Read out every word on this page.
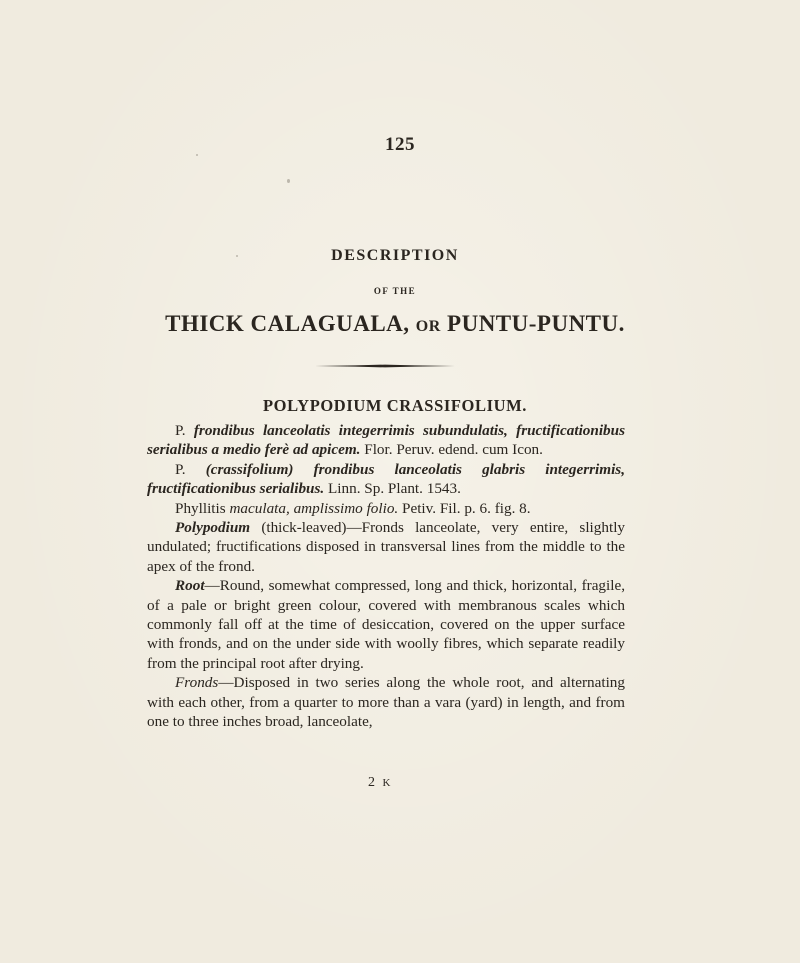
125
DESCRIPTION
OF THE
THICK CALAGUALA, OR PUNTU-PUNTU.
POLYPODIUM CRASSIFOLIUM.

P. frondibus lanceolatis integerrimis subundulatis, fructificationibus serialibus a medio ferè ad apicem. Flor. Peruv. edend. cum Icon.

P. (crassifolium) frondibus lanceolatis glabris integerrimis, fructificationibus serialibus. Linn. Sp. Plant. 1543.

Phyllitis maculata, amplissimo folio. Petiv. Fil. p. 6. fig. 8.

Polypodium (thick-leaved)—Fronds lanceolate, very entire, slightly undulated; fructifications disposed in transversal lines from the middle to the apex of the frond.

Root—Round, somewhat compressed, long and thick, horizontal, fragile, of a pale or bright green colour, covered with membranous scales which commonly fall off at the time of desiccation, covered on the upper surface with fronds, and on the under side with woolly fibres, which separate readily from the principal root after drying.

Fronds—Disposed in two series along the whole root, and alternating with each other, from a quarter to more than a vara (yard) in length, and from one to three inches broad, lanceolate,

2 K
